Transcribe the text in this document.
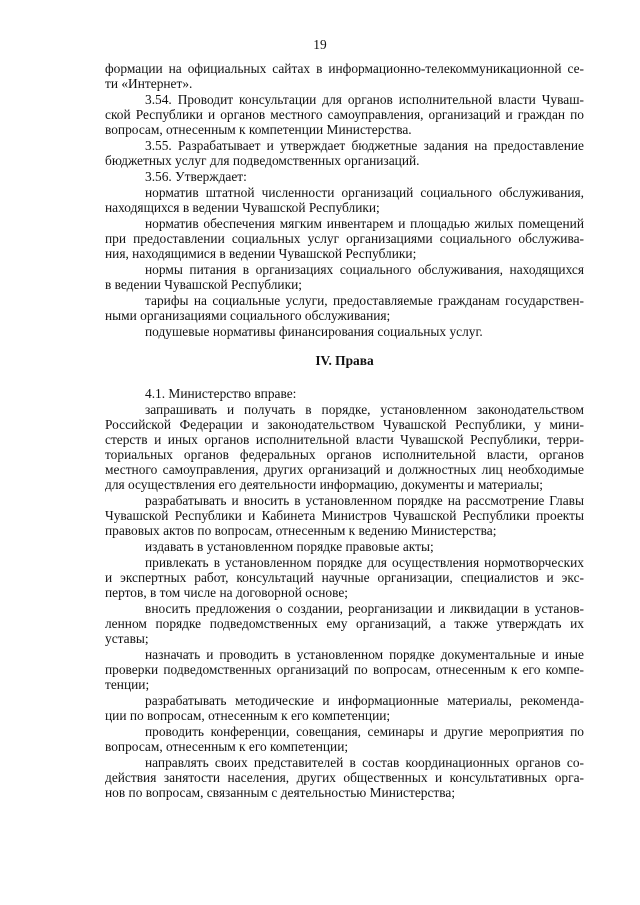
19
формации на официальных сайтах в информационно-телекоммуникационной се-
ти «Интернет».
3.54. Проводит консультации для органов исполнительной власти Чуваш-
ской Республики и органов местного самоуправления, организаций и граждан по
вопросам, отнесенным к компетенции Министерства.
3.55. Разрабатывает и утверждает бюджетные задания на предоставление
бюджетных услуг для подведомственных организаций.
3.56. Утверждает:
норматив штатной численности организаций социального обслуживания,
находящихся в ведении Чувашской Республики;
норматив обеспечения мягким инвентарем и площадью жилых помещений
при предоставлении социальных услуг организациями социального обслужива-
ния, находящимися в ведении Чувашской Республики;
нормы питания в организациях социального обслуживания, находящихся
в ведении Чувашской Республики;
тарифы на социальные услуги, предоставляемые гражданам государствен-
ными организациями социального обслуживания;
подушевые нормативы финансирования социальных услуг.
IV. Права
4.1. Министерство вправе:
запрашивать и получать в порядке, установленном законодательством
Российской Федерации и законодательством Чувашской Республики, у мини-
стерств и иных органов исполнительной власти Чувашской Республики, терри-
ториальных органов федеральных органов исполнительной власти, органов
местного самоуправления, других организаций и должностных лиц необходимые
для осуществления его деятельности информацию, документы и материалы;
разрабатывать и вносить в установленном порядке на рассмотрение Главы
Чувашской Республики и Кабинета Министров Чувашской Республики проекты
правовых актов по вопросам, отнесенным к ведению Министерства;
издавать в установленном порядке правовые акты;
привлекать в установленном порядке для осуществления нормотворческих
и экспертных работ, консультаций научные организации, специалистов и экс-
пертов, в том числе на договорной основе;
вносить предложения о создании, реорганизации и ликвидации в установ-
ленном порядке подведомственных ему организаций, а также утверждать их
уставы;
назначать и проводить в установленном порядке документальные и иные
проверки подведомственных организаций по вопросам, отнесенным к его компе-
тенции;
разрабатывать методические и информационные материалы, рекоменда-
ции по вопросам, отнесенным к его компетенции;
проводить конференции, совещания, семинары и другие мероприятия по
вопросам, отнесенным к его компетенции;
направлять своих представителей в состав координационных органов со-
действия занятости населения, других общественных и консультативных орга-
нов по вопросам, связанным с деятельностью Министерства;
